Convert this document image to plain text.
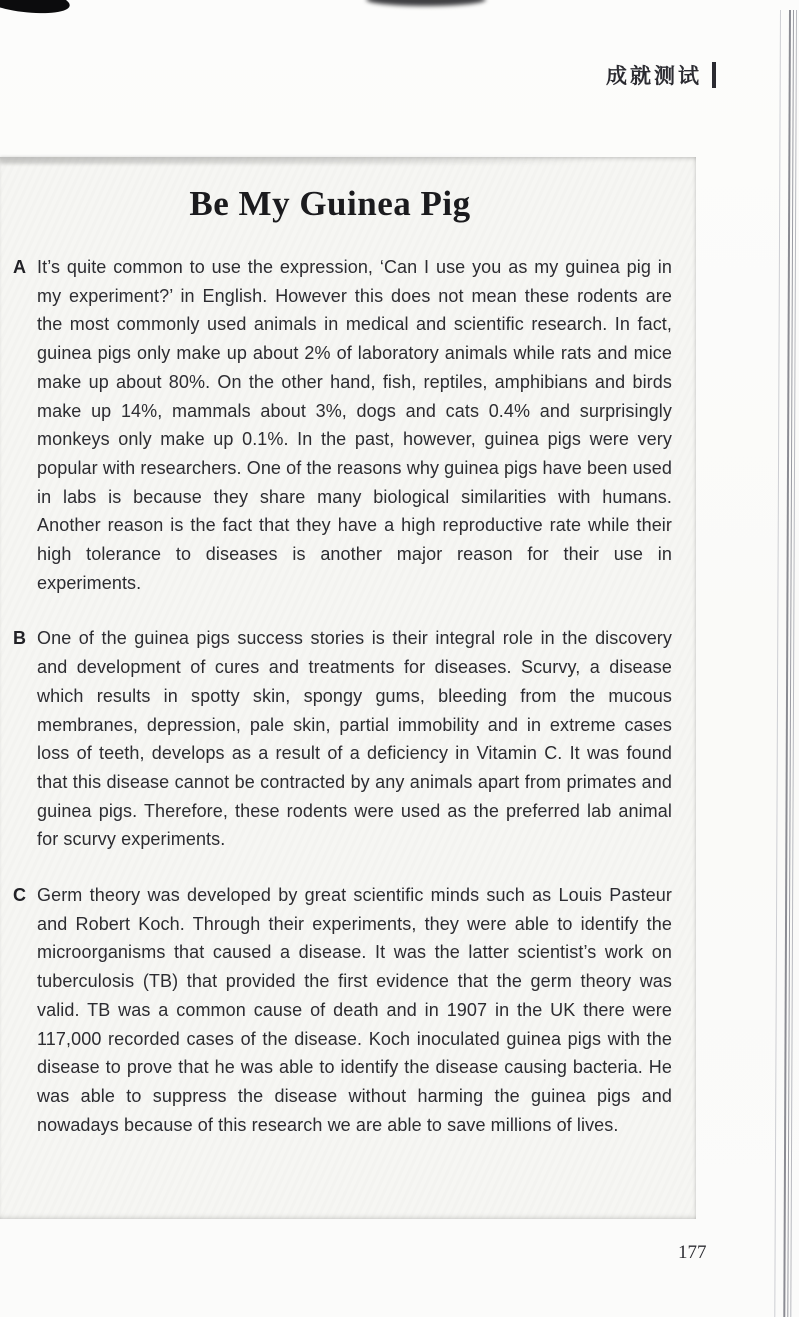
成就测试
Be My Guinea Pig
A It’s quite common to use the expression, ‘Can I use you as my guinea pig in my experiment?’ in English. However this does not mean these rodents are the most commonly used animals in medical and scientific research. In fact, guinea pigs only make up about 2% of laboratory animals while rats and mice make up about 80%. On the other hand, fish, reptiles, amphibians and birds make up 14%, mammals about 3%, dogs and cats 0.4% and surprisingly monkeys only make up 0.1%. In the past, however, guinea pigs were very popular with researchers. One of the reasons why guinea pigs have been used in labs is because they share many biological similarities with humans. Another reason is the fact that they have a high reproductive rate while their high tolerance to diseases is another major reason for their use in experiments.
B One of the guinea pigs success stories is their integral role in the discovery and development of cures and treatments for diseases. Scurvy, a disease which results in spotty skin, spongy gums, bleeding from the mucous membranes, depression, pale skin, partial immobility and in extreme cases loss of teeth, develops as a result of a deficiency in Vitamin C. It was found that this disease cannot be contracted by any animals apart from primates and guinea pigs. Therefore, these rodents were used as the preferred lab animal for scurvy experiments.
C Germ theory was developed by great scientific minds such as Louis Pasteur and Robert Koch. Through their experiments, they were able to identify the microorganisms that caused a disease. It was the latter scientist’s work on tuberculosis (TB) that provided the first evidence that the germ theory was valid. TB was a common cause of death and in 1907 in the UK there were 117,000 recorded cases of the disease. Koch inoculated guinea pigs with the disease to prove that he was able to identify the disease causing bacteria. He was able to suppress the disease without harming the guinea pigs and nowadays because of this research we are able to save millions of lives.
177
